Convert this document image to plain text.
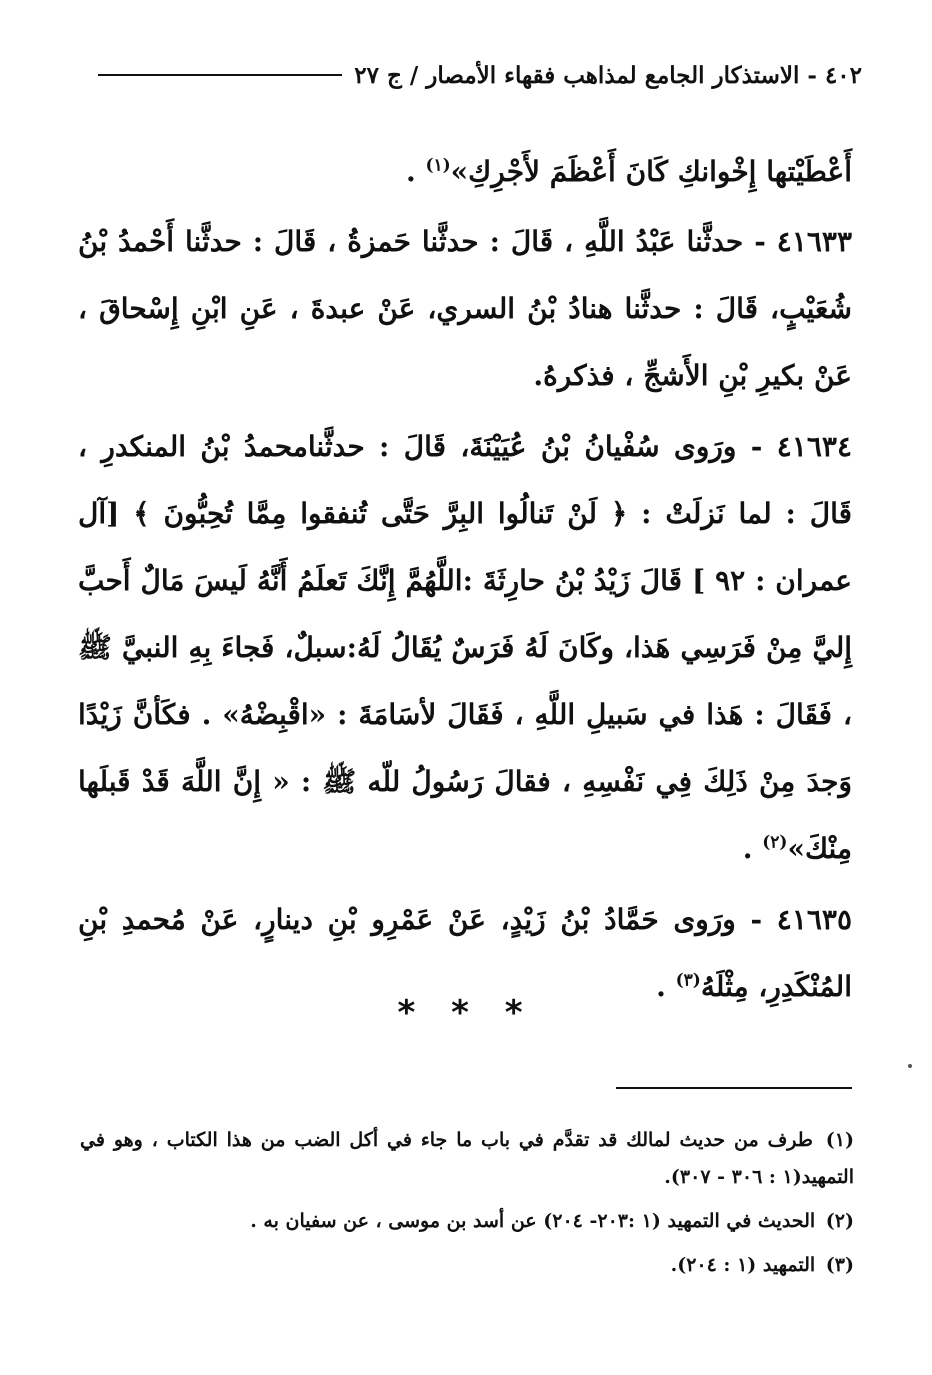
٤٠٢ - الاستذكار الجامع لمذاهب فقهاء الأمصار / ج ٢٧

أَعْطَيْتها إِخْوانكِ كَانَ أَعْظَمَ لأَجْرِكِ»$^{(١)}$ .

٤١٦٣٣ - حدثَّنا عَبْدُ اللَّهِ ، قَالَ : حدثَّنا حَمزةُ ، قَالَ : حدثَّنا أَحْمدُ بْنُ شُعَيْبٍ، قَالَ : حدثَّنا هنادُ بْنُ السري، عَنْ عبدةَ ، عَنِ ابْنِ إِسْحاقَ ، عَنْ بكيرِ بْنِ الأَشجِّ ، فذكرهُ.

٤١٦٣٤ - ورَوى سُفْيانُ بْنُ عُيَيْنَةَ، قَالَ : حدثَّنامحمدُ بْنُ المنكدرِ ، قَالَ : لما نَزلَتْ : ﴿ لَنْ تَنالُوا البِرَّ حَتَّى تُنفقوا مِمَّا تُحِبُّونَ ﴾ [آل عمران : ٩٢ ] قَالَ زَيْدُ بْنُ حارِثَةَ :اللَّهُمَّ إِنَّكَ تَعلَمُ أَنَّهُ لَيسَ مَالٌ أَحبَّ إِليَّ مِنْ فَرَسِي هَذا، وكَانَ لَهُ فَرَسٌ يُقَالُ لَهُ:سبلٌ، فَجاءَ بِهِ النبيَّ ﷺ ، فَقَالَ : هَذا في سَبيلِ اللَّهِ ، فَقَالَ لأسَامَةَ : «اقْبِضْهُ» . فكَأنَّ زَيْدًا وَجدَ مِنْ ذَلِكَ فِي نَفْسِهِ ، فقالَ رَسُولُ للّه ﷺ : « إِنَّ اللَّهَ قَدْ قَبلَها مِنْكَ»$^{(٢)}$ .

٤١٦٣٥ - ورَوى حَمَّادُ بْنُ زَيْدٍ، عَنْ عَمْرِو بْنِ دينارٍ، عَنْ مُحمدِ بْنِ المُنْكَدِرِ، مِثْلَهُ$^{(٣)}$ .

* * *

(١) طرف من حديث لمالك قد تقدَّم في باب ما جاء في أكل الضب من هذا الكتاب ، وهو في التمهيد(١ : ٣٠٦ - ٣٠٧).

(٢) الحديث في التمهيد (١ :٢٠٣- ٢٠٤) عن أسد بن موسى ، عن سفيان به .

(٣) التمهيد (١ : ٢٠٤).
